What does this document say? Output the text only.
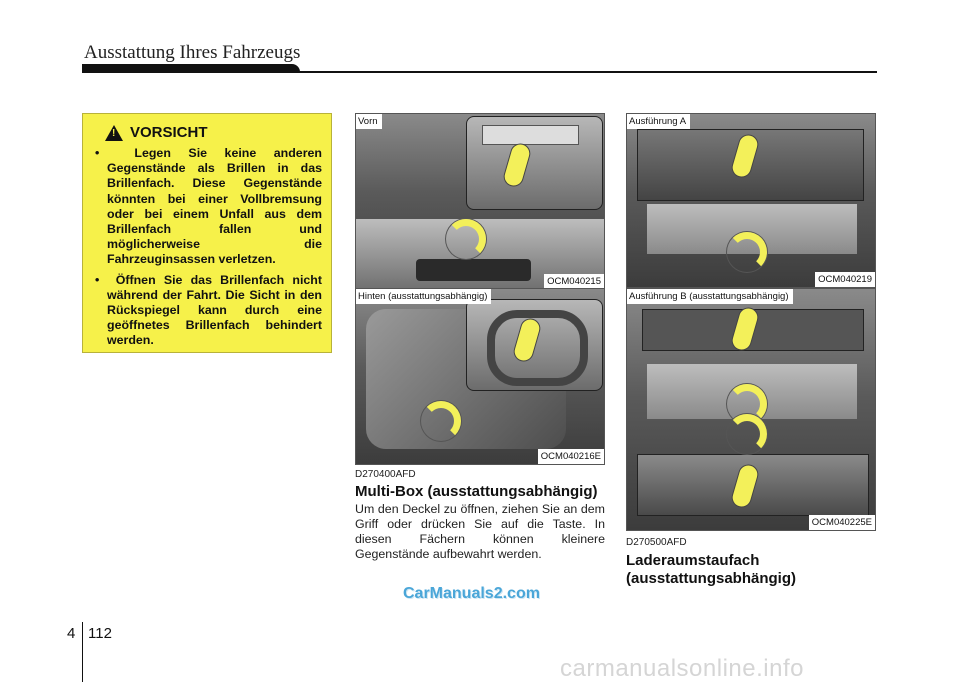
Ausstattung Ihres Fahrzeugs
!
VORSICHT
•  Legen Sie keine anderen Gegenstände als Brillen in das Brillenfach. Diese Gegenstände könnten bei einer Vollbremsung oder bei einem Unfall aus dem Brillenfach fallen und möglicherweise die Fahrzeuginsassen verletzen.
•  Öffnen Sie das Brillenfach nicht während der Fahrt. Die Sicht in den Rückspiegel kann durch eine geöffnetes Brillenfach behindert werden.
Vorn
OCM040215
Hinten (ausstattungsabhängig)
OCM040216E
Ausführung A
OCM040219
Ausführung B (ausstattungsabhängig)
OCM040225E
D270400AFD
Multi-Box (ausstattungsabhängig)
Um den Deckel zu öffnen, ziehen Sie an dem Griff oder drücken Sie auf die Taste. In diesen Fächern können kleinere Gegenstände aufbewahrt werden.
D270500AFD
Laderaumstaufach
(ausstattungsabhängig)
CarManuals2.com
4 112
carmanualsonline.info
